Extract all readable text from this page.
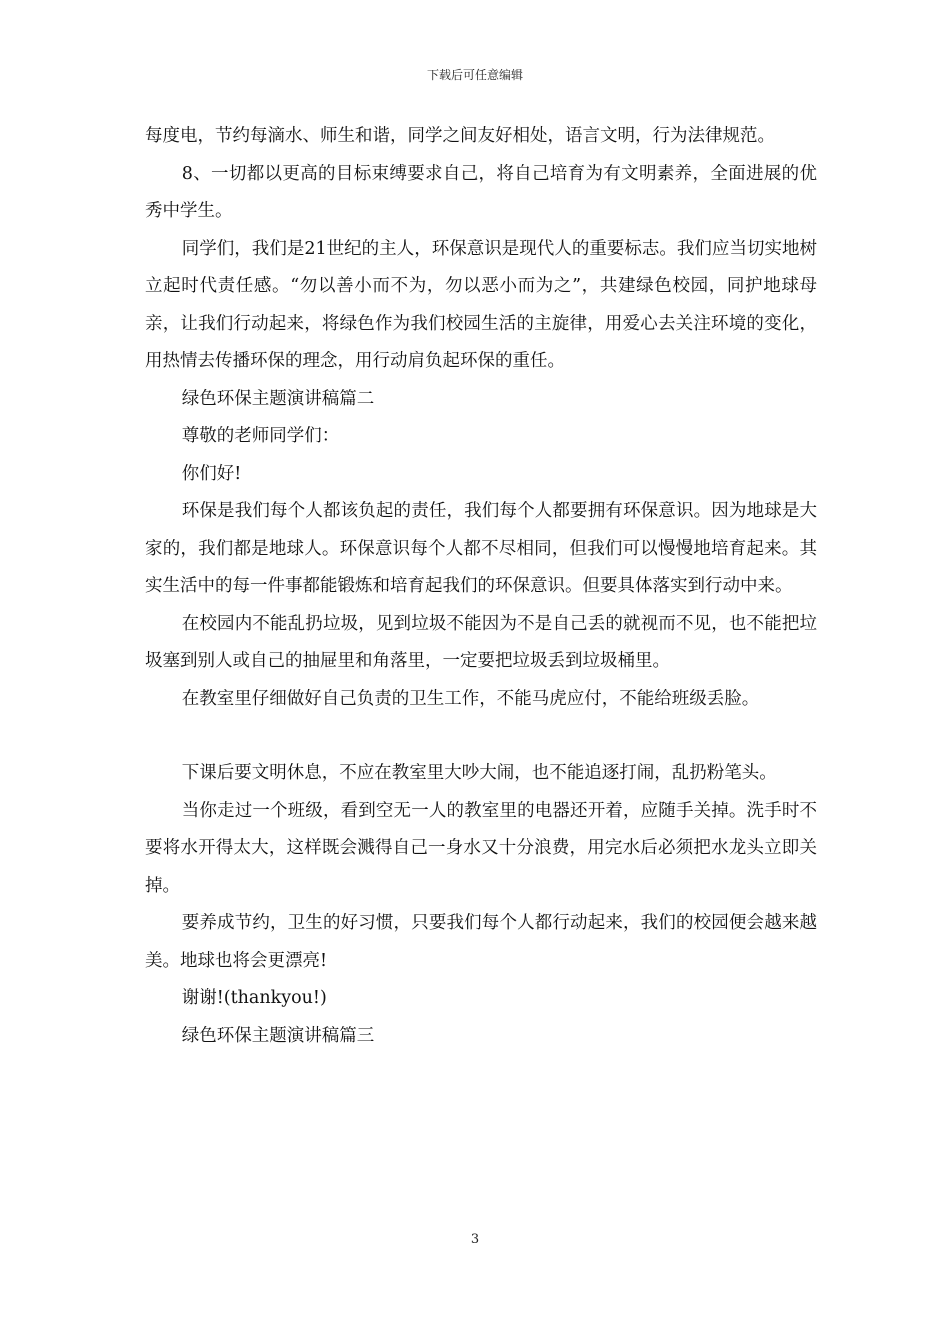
下载后可任意编辑

每度电，节约每滴水、师生和谐，同学之间友好相处，语言文明，行为法律规范。

8、一切都以更高的目标束缚要求自己，将自己培育为有文明素养，全面进展的优秀中学生。

同学们，我们是21世纪的主人，环保意识是现代人的重要标志。我们应当切实地树立起时代责任感。“勿以善小而不为，勿以恶小而为之”，共建绿色校园，同护地球母亲，让我们行动起来，将绿色作为我们校园生活的主旋律，用爱心去关注环境的变化，用热情去传播环保的理念，用行动肩负起环保的重任。

绿色环保主题演讲稿篇二

尊敬的老师同学们：

你们好!

环保是我们每个人都该负起的责任，我们每个人都要拥有环保意识。因为地球是大家的，我们都是地球人。环保意识每个人都不尽相同，但我们可以慢慢地培育起来。其实生活中的每一件事都能锻炼和培育起我们的环保意识。但要具体落实到行动中来。

在校园内不能乱扔垃圾，见到垃圾不能因为不是自己丢的就视而不见，也不能把垃圾塞到别人或自己的抽屉里和角落里，一定要把垃圾丢到垃圾桶里。

在教室里仔细做好自己负责的卫生工作，不能马虎应付，不能给班级丢脸。

下课后要文明休息，不应在教室里大吵大闹，也不能追逐打闹，乱扔粉笔头。

当你走过一个班级，看到空无一人的教室里的电器还开着，应随手关掉。洗手时不要将水开得太大，这样既会溅得自己一身水又十分浪费，用完水后必须把水龙头立即关掉。

要养成节约，卫生的好习惯，只要我们每个人都行动起来，我们的校园便会越来越美。地球也将会更漂亮!

谢谢!(thankyou!)

绿色环保主题演讲稿篇三

3
